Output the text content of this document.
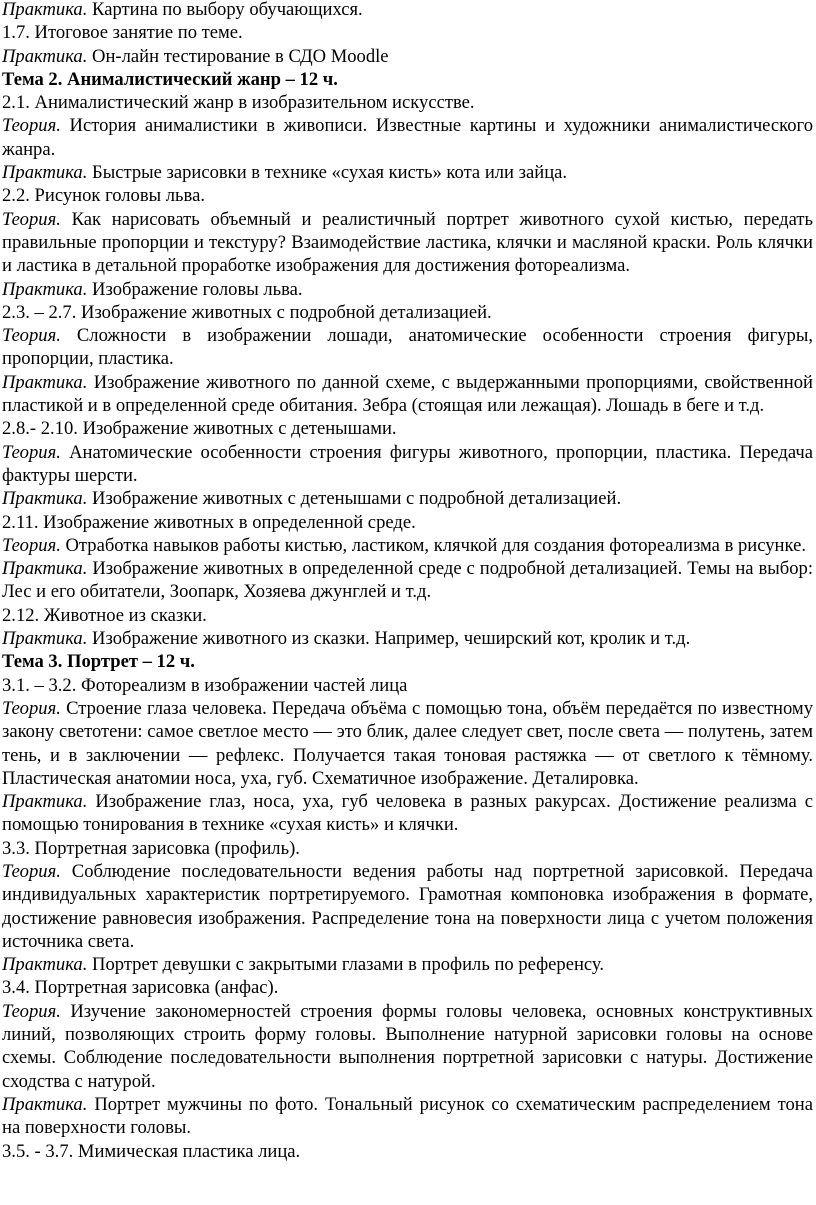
Практика. Картина по выбору обучающихся.
1.7. Итоговое занятие по теме.
Практика. Он-лайн тестирование в СДО Moodle
Тема 2. Анималистический жанр – 12 ч.
2.1. Анималистический жанр в изобразительном искусстве.
Теория. История анималистики в живописи. Известные картины и художники анималистического жанра.
Практика. Быстрые зарисовки в технике «сухая кисть» кота или зайца.
2.2. Рисунок головы льва.
Теория. Как нарисовать объемный и реалистичный портрет животного сухой кистью, передать правильные пропорции и текстуру? Взаимодействие ластика, клячки и масляной краски. Роль клячки и ластика в детальной проработке изображения для достижения фотореализма.
Практика. Изображение головы льва.
2.3. – 2.7. Изображение животных с подробной детализацией.
Теория. Сложности в изображении лошади, анатомические особенности строения фигуры, пропорции, пластика.
Практика. Изображение животного по данной схеме, с выдержанными пропорциями, свойственной пластикой и в определенной среде обитания. Зебра (стоящая или лежащая). Лошадь в беге и т.д.
2.8.- 2.10. Изображение животных с детенышами.
Теория. Анатомические особенности строения фигуры животного, пропорции, пластика. Передача фактуры шерсти.
Практика. Изображение животных с детенышами с подробной детализацией.
2.11. Изображение животных в определенной среде.
Теория. Отработка навыков работы кистью, ластиком, клячкой для создания фотореализма в рисунке.
Практика. Изображение животных в определенной среде с подробной детализацией. Темы на выбор: Лес и его обитатели, Зоопарк, Хозяева джунглей и т.д.
2.12. Животное из сказки.
Практика. Изображение животного из сказки. Например, чеширский кот, кролик и т.д.
Тема 3. Портрет – 12 ч.
3.1. – 3.2. Фотореализм в изображении частей лица
Теория. Строение глаза человека. Передача объёма с помощью тона, объём передаётся по известному закону светотени: самое светлое место — это блик, далее следует свет, после света — полутень, затем тень, и в заключении — рефлекс. Получается такая тоновая растяжка — от светлого к тёмному. Пластическая анатомии носа, уха, губ. Схематичное изображение. Деталировка.
Практика. Изображение глаз, носа, уха, губ человека в разных ракурсах. Достижение реализма с помощью тонирования в технике «сухая кисть» и клячки.
3.3. Портретная зарисовка (профиль).
Теория. Соблюдение последовательности ведения работы над портретной зарисовкой. Передача индивидуальных характеристик портретируемого. Грамотная компоновка изображения в формате, достижение равновесия изображения. Распределение тона на поверхности лица с учетом положения источника света.
Практика. Портрет девушки с закрытыми глазами в профиль по референсу.
3.4. Портретная зарисовка (анфас).
Теория. Изучение закономерностей строения формы головы человека, основных конструктивных линий, позволяющих строить форму головы. Выполнение натурной зарисовки головы на основе схемы. Соблюдение последовательности выполнения портретной зарисовки с натуры. Достижение сходства с натурой.
Практика. Портрет мужчины по фото. Тональный рисунок со схематическим распределением тона на поверхности головы.
3.5. - 3.7. Мимическая пластика лица.
